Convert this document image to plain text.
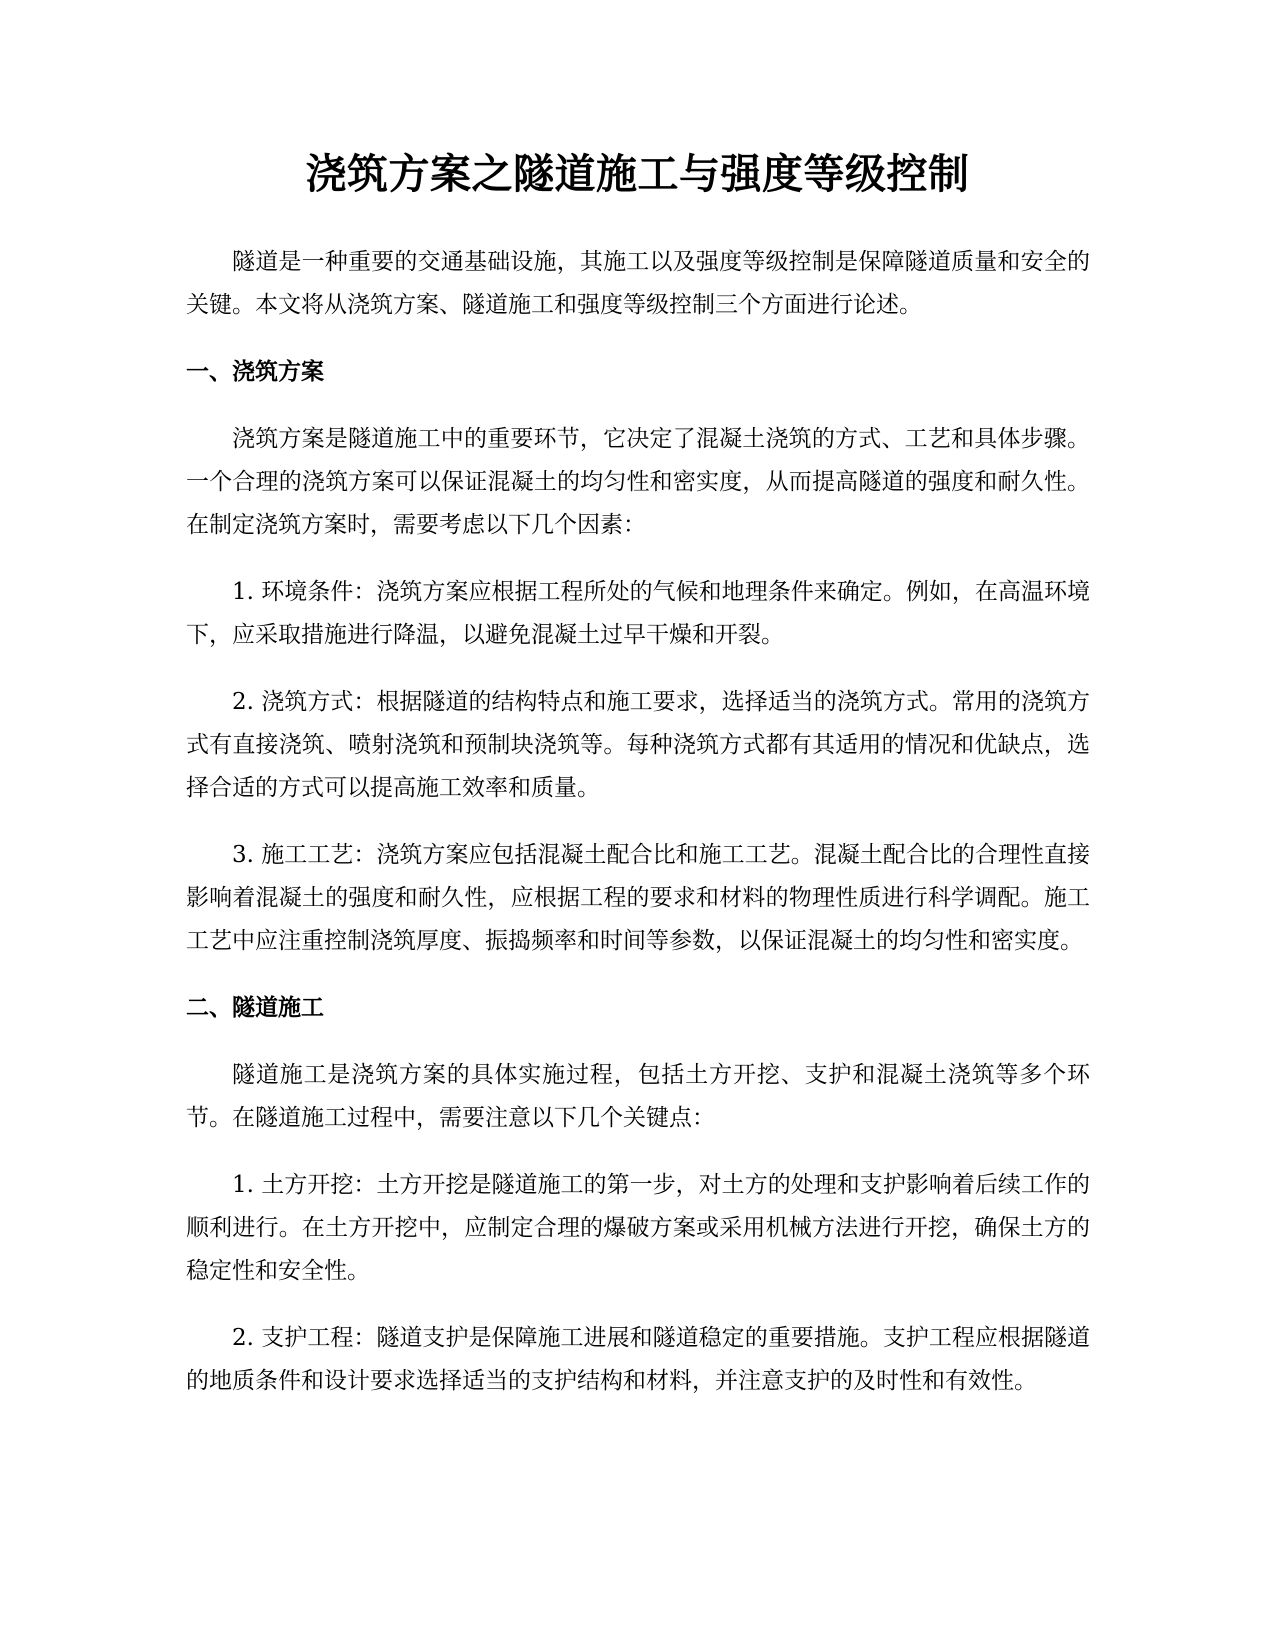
浇筑方案之隧道施工与强度等级控制

隧道是一种重要的交通基础设施，其施工以及强度等级控制是保障隧道质量和安全的关键。本文将从浇筑方案、隧道施工和强度等级控制三个方面进行论述。

一、浇筑方案

浇筑方案是隧道施工中的重要环节，它决定了混凝土浇筑的方式、工艺和具体步骤。一个合理的浇筑方案可以保证混凝土的均匀性和密实度，从而提高隧道的强度和耐久性。在制定浇筑方案时，需要考虑以下几个因素：

1. 环境条件：浇筑方案应根据工程所处的气候和地理条件来确定。例如，在高温环境下，应采取措施进行降温，以避免混凝土过早干燥和开裂。

2. 浇筑方式：根据隧道的结构特点和施工要求，选择适当的浇筑方式。常用的浇筑方式有直接浇筑、喷射浇筑和预制块浇筑等。每种浇筑方式都有其适用的情况和优缺点，选择合适的方式可以提高施工效率和质量。

3. 施工工艺：浇筑方案应包括混凝土配合比和施工工艺。混凝土配合比的合理性直接影响着混凝土的强度和耐久性，应根据工程的要求和材料的物理性质进行科学调配。施工工艺中应注重控制浇筑厚度、振捣频率和时间等参数，以保证混凝土的均匀性和密实度。

二、隧道施工

隧道施工是浇筑方案的具体实施过程，包括土方开挖、支护和混凝土浇筑等多个环节。在隧道施工过程中，需要注意以下几个关键点：

1. 土方开挖：土方开挖是隧道施工的第一步，对土方的处理和支护影响着后续工作的顺利进行。在土方开挖中，应制定合理的爆破方案或采用机械方法进行开挖，确保土方的稳定性和安全性。

2. 支护工程：隧道支护是保障施工进展和隧道稳定的重要措施。支护工程应根据隧道的地质条件和设计要求选择适当的支护结构和材料，并注意支护的及时性和有效性。
